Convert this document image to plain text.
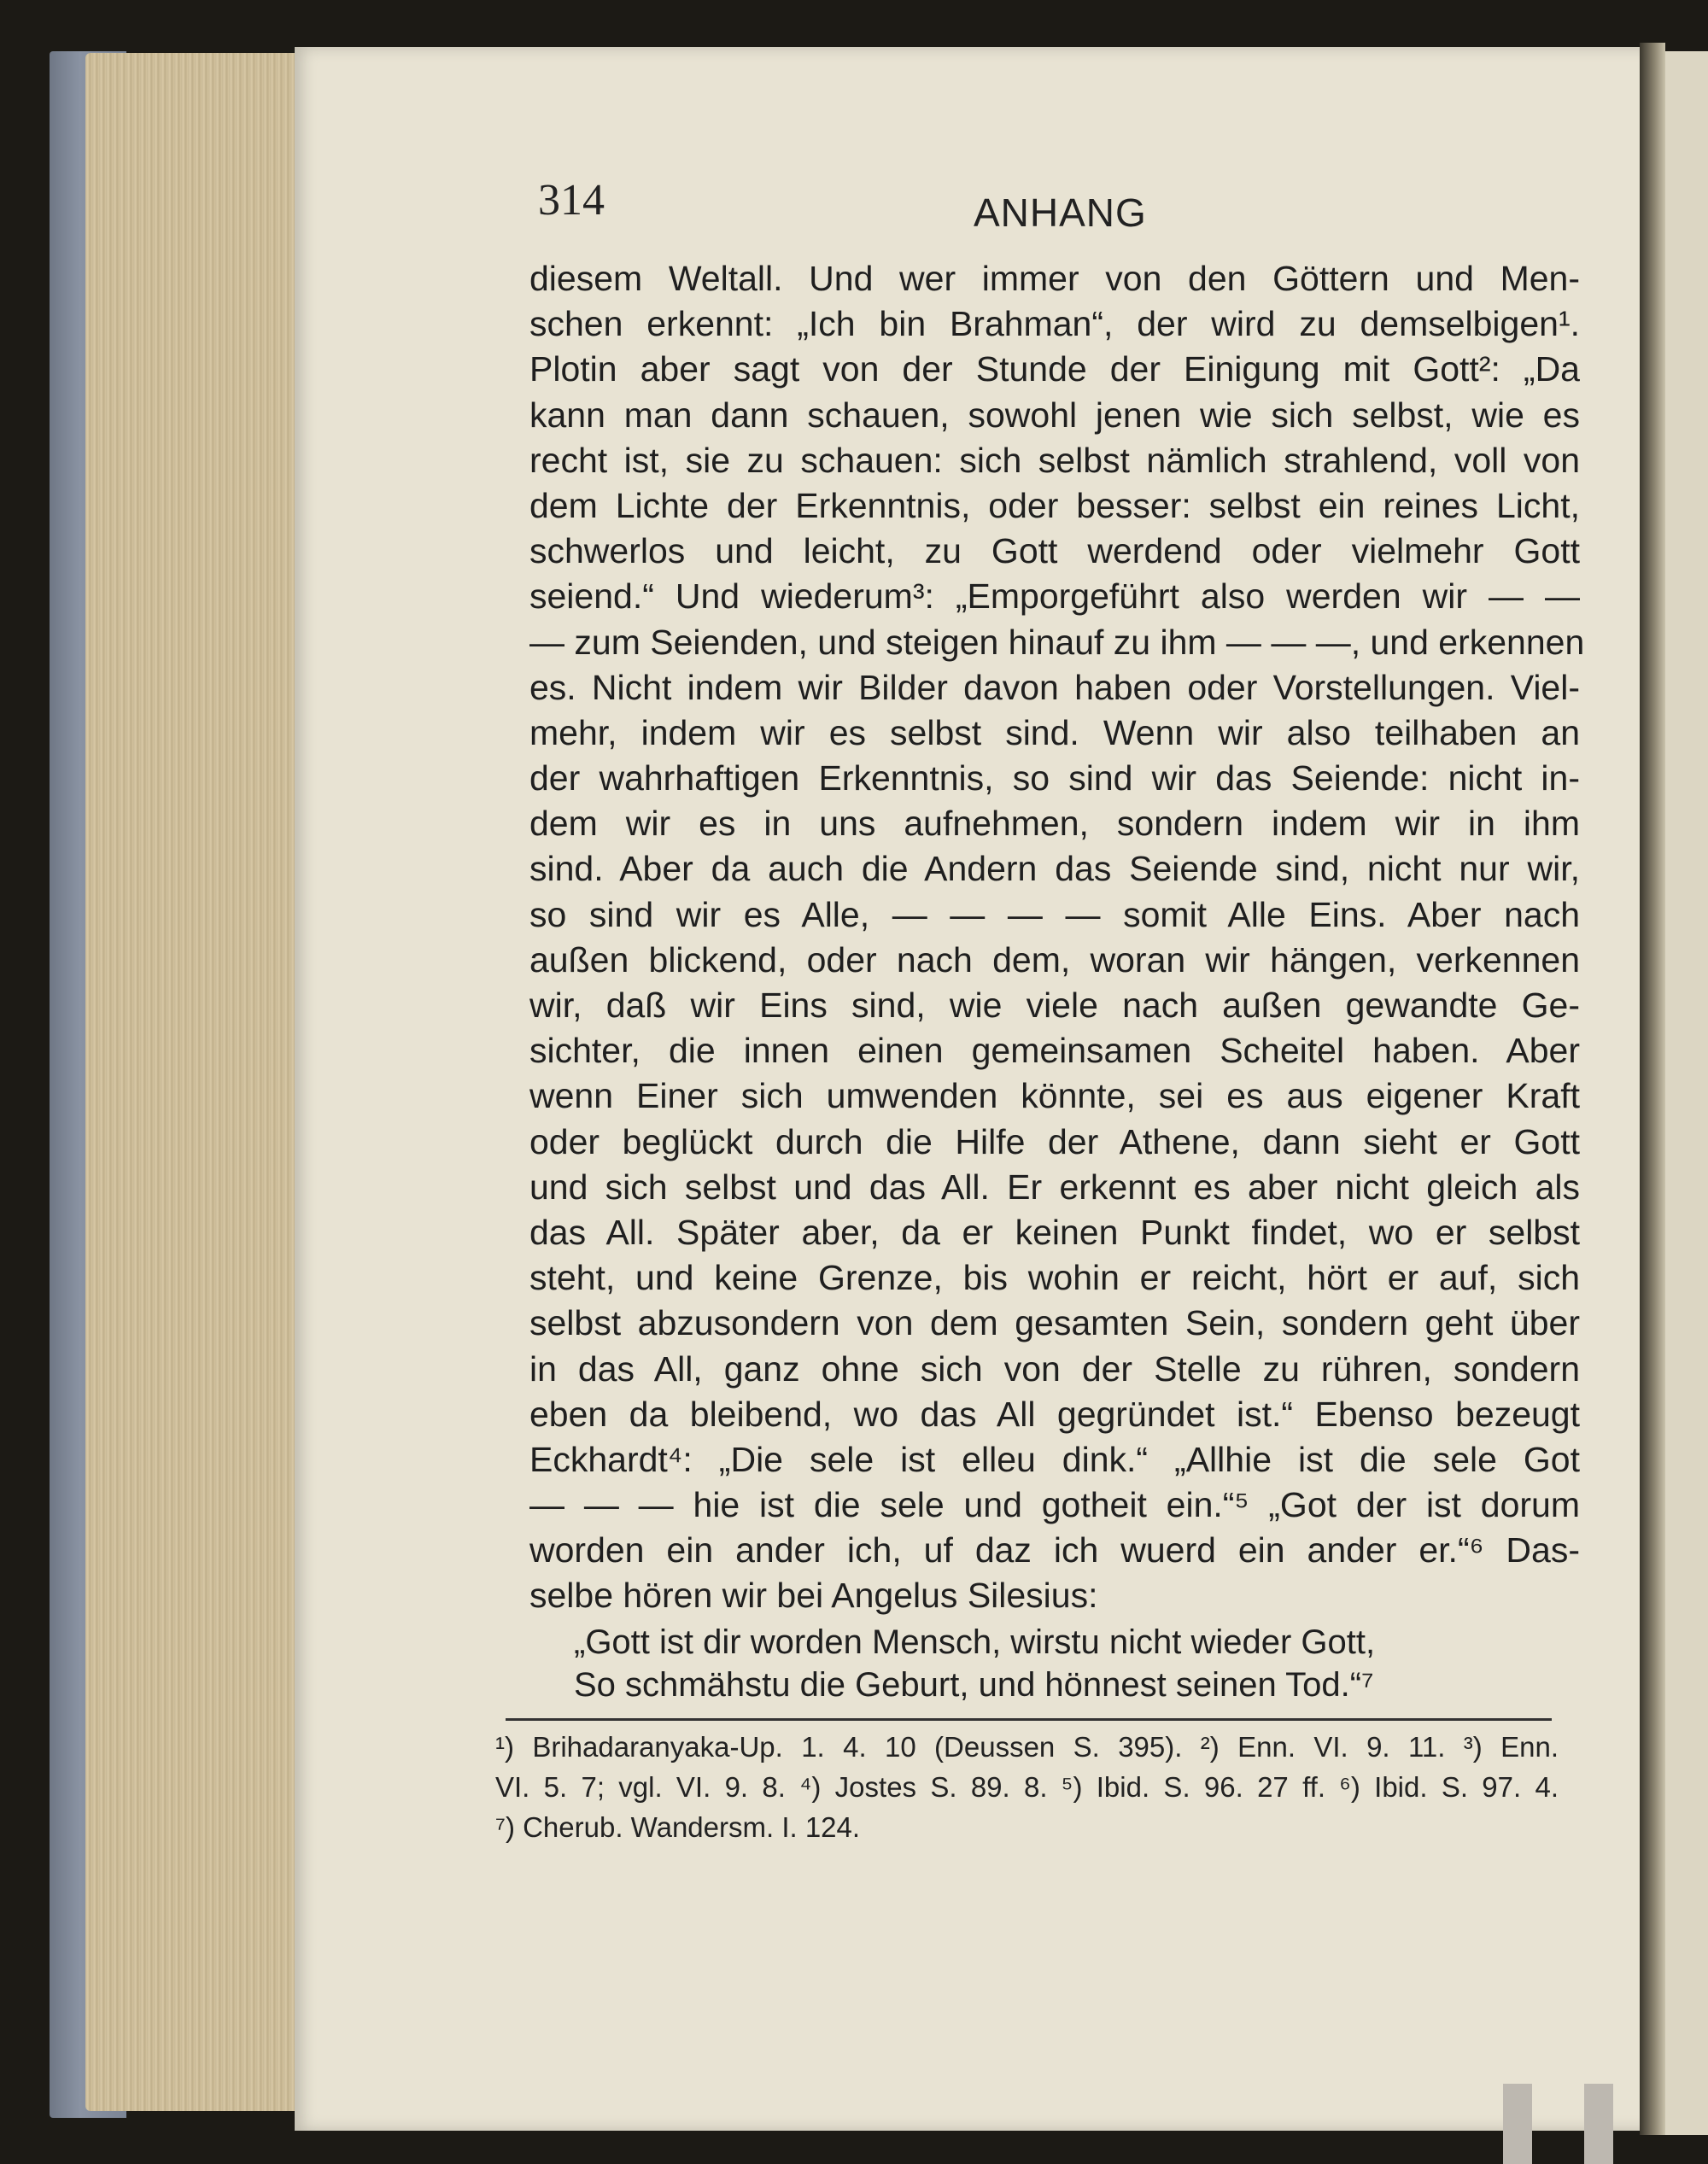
314	ANHANG
diesem Weltall. Und wer immer von den Göttern und Men-
schen erkennt: „Ich bin Brahman“, der wird zu demselbigen¹.
Plotin aber sagt von der Stunde der Einigung mit Gott²: „Da
kann man dann schauen, sowohl jenen wie sich selbst, wie es
recht ist, sie zu schauen: sich selbst nämlich strahlend, voll von
dem Lichte der Erkenntnis, oder besser: selbst ein reines Licht,
schwerlos und leicht, zu Gott werdend oder vielmehr Gott
seiend.“ Und wiederum³: „Emporgeführt also werden wir — —
— zum Seienden, und steigen hinauf zu ihm — — —, und erkennen
es. Nicht indem wir Bilder davon haben oder Vorstellungen. Viel-
mehr, indem wir es selbst sind. Wenn wir also teilhaben an
der wahrhaftigen Erkenntnis, so sind wir das Seiende: nicht in-
dem wir es in uns aufnehmen, sondern indem wir in ihm
sind. Aber da auch die Andern das Seiende sind, nicht nur wir,
so sind wir es Alle, — — — — somit Alle Eins. Aber nach
außen blickend, oder nach dem, woran wir hängen, verkennen
wir, daß wir Eins sind, wie viele nach außen gewandte Ge-
sichter, die innen einen gemeinsamen Scheitel haben. Aber
wenn Einer sich umwenden könnte, sei es aus eigener Kraft
oder beglückt durch die Hilfe der Athene, dann sieht er Gott
und sich selbst und das All. Er erkennt es aber nicht gleich als
das All. Später aber, da er keinen Punkt findet, wo er selbst
steht, und keine Grenze, bis wohin er reicht, hört er auf, sich
selbst abzusondern von dem gesamten Sein, sondern geht über
in das All, ganz ohne sich von der Stelle zu rühren, sondern
eben da bleibend, wo das All gegründet ist.“ Ebenso bezeugt
Eckhardt⁴: „Die sele ist elleu dink.“ „Allhie ist die sele Got
— — — hie ist die sele und gotheit ein.“⁵ „Got der ist dorum
worden ein ander ich, uf daz ich wuerd ein ander er.“⁶ Das-
selbe hören wir bei Angelus Silesius:
„Gott ist dir worden Mensch, wirstu nicht wieder Gott,
So schmähstu die Geburt, und hönnest seinen Tod.“⁷
¹) Brihadaranyaka-Up. 1. 4. 10 (Deussen S. 395). ²) Enn. VI. 9. 11. ³) Enn.
VI. 5. 7; vgl. VI. 9. 8. ⁴) Jostes S. 89. 8. ⁵) Ibid. S. 96. 27 ff. ⁶) Ibid. S. 97. 4.
⁷) Cherub. Wandersm. I. 124.
